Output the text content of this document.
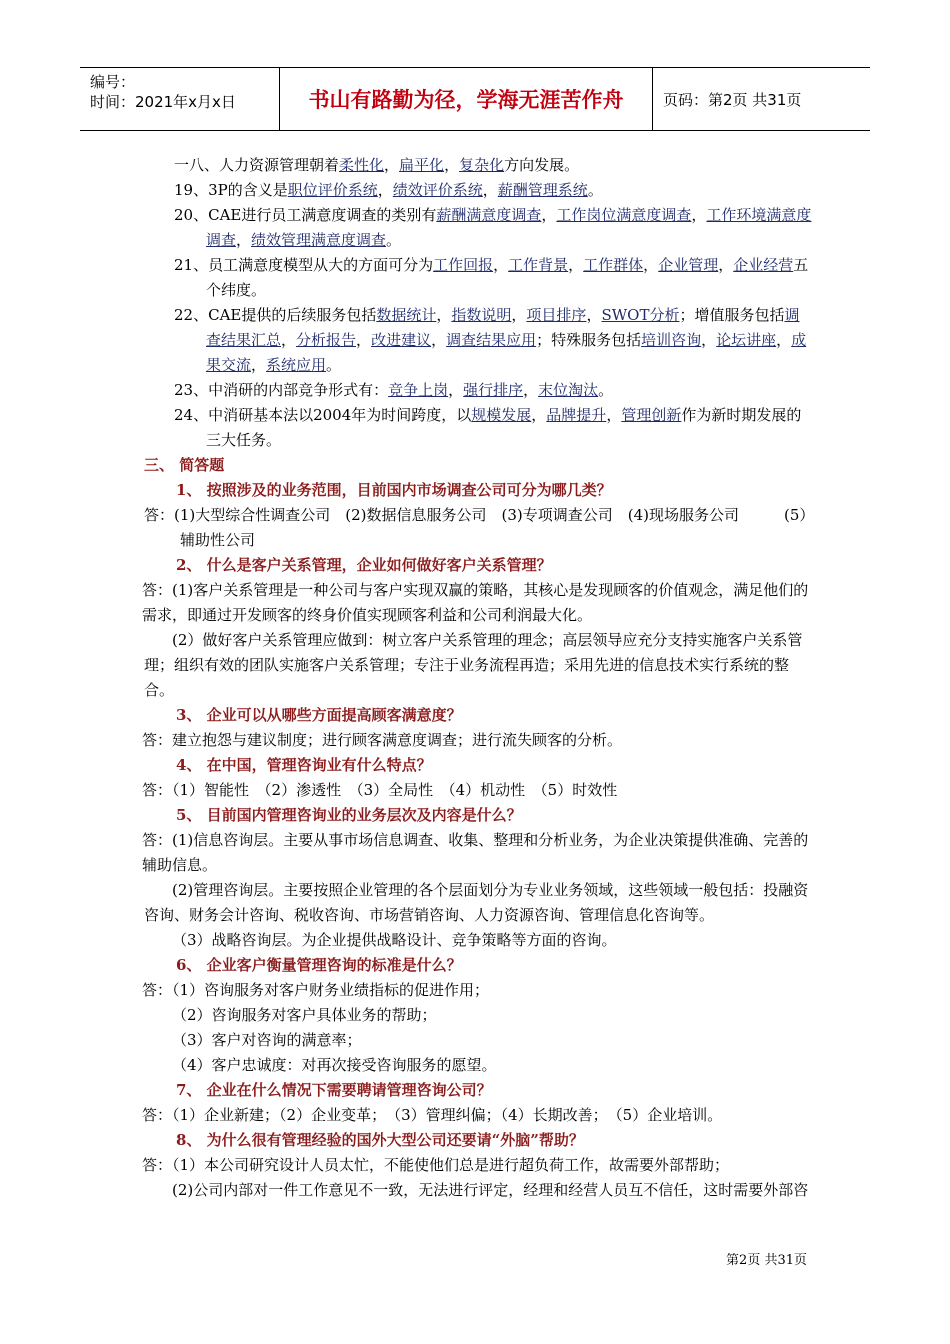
编号：
时间：2021年x月x日	书山有路勤为径，学海无涯苦作舟	页码：第2页 共31页

一八、人力资源管理朝着柔性化，扁平化，复杂化方向发展。

19、3P的含义是职位评价系统，绩效评价系统，薪酬管理系统。

20、CAE进行员工满意度调查的类别有薪酬满意度调查，工作岗位满意度调查，工作环境满意度调查，绩效管理满意度调查。

21、员工满意度模型从大的方面可分为工作回报，工作背景，工作群体，企业管理，企业经营五个纬度。

22、CAE提供的后续服务包括数据统计，指数说明，项目排序，SWOT分析；增值服务包括调查结果汇总，分析报告，改进建议，调查结果应用；特殊服务包括培训咨询，论坛讲座，成果交流，系统应用。

23、中消研的内部竞争形式有：竞争上岗，强行排序，末位淘汰。

24、中消研基本法以2004年为时间跨度，以规模发展，品牌提升，管理创新作为新时期发展的三大任务。

三、 简答题

1、 按照涉及的业务范围，目前国内市场调查公司可分为哪几类？

答：(1)大型综合性调查公司　(2)数据信息服务公司　(3)专项调查公司　(4)现场服务公司　　　(5）辅助性公司

2、 什么是客户关系管理，企业如何做好客户关系管理？

答：(1)客户关系管理是一种公司与客户实现双赢的策略，其核心是发现顾客的价值观念，满足他们的需求，即通过开发顾客的终身价值实现顾客利益和公司利润最大化。

(2）做好客户关系管理应做到：树立客户关系管理的理念；高层领导应充分支持实施客户关系管理；组织有效的团队实施客户关系管理；专注于业务流程再造；采用先进的信息技术实行系统的整合。

3、 企业可以从哪些方面提高顾客满意度？

答：建立抱怨与建议制度；进行顾客满意度调查；进行流失顾客的分析。

4、 在中国，管理咨询业有什么特点？

答：（1）智能性　（2）渗透性　（3）全局性　（4）机动性　（5）时效性

5、 目前国内管理咨询业的业务层次及内容是什么？

答：(1)信息咨询层。主要从事市场信息调查、收集、整理和分析业务，为企业决策提供准确、完善的辅助信息。

(2)管理咨询层。主要按照企业管理的各个层面划分为专业业务领域，这些领域一般包括：投融资咨询、财务会计咨询、税收咨询、市场营销咨询、人力资源咨询、管理信息化咨询等。

（3）战略咨询层。为企业提供战略设计、竞争策略等方面的咨询。

6、 企业客户衡量管理咨询的标准是什么？

答：（1）咨询服务对客户财务业绩指标的促进作用；

（2）咨询服务对客户具体业务的帮助；

（3）客户对咨询的满意率；

（4）客户忠诚度：对再次接受咨询服务的愿望。

7、 企业在什么情况下需要聘请管理咨询公司？

答：（1）企业新建；（2）企业变革；　（3）管理纠偏；（4）长期改善；　（5）企业培训。

8、 为什么很有管理经验的国外大型公司还要请“外脑”帮助？

答：（1）本公司研究设计人员太忙，不能使他们总是进行超负荷工作，故需要外部帮助；

(2)公司内部对一件工作意见不一致，无法进行评定，经理和经营人员互不信任，这时需要外部咨

第2页 共31页
